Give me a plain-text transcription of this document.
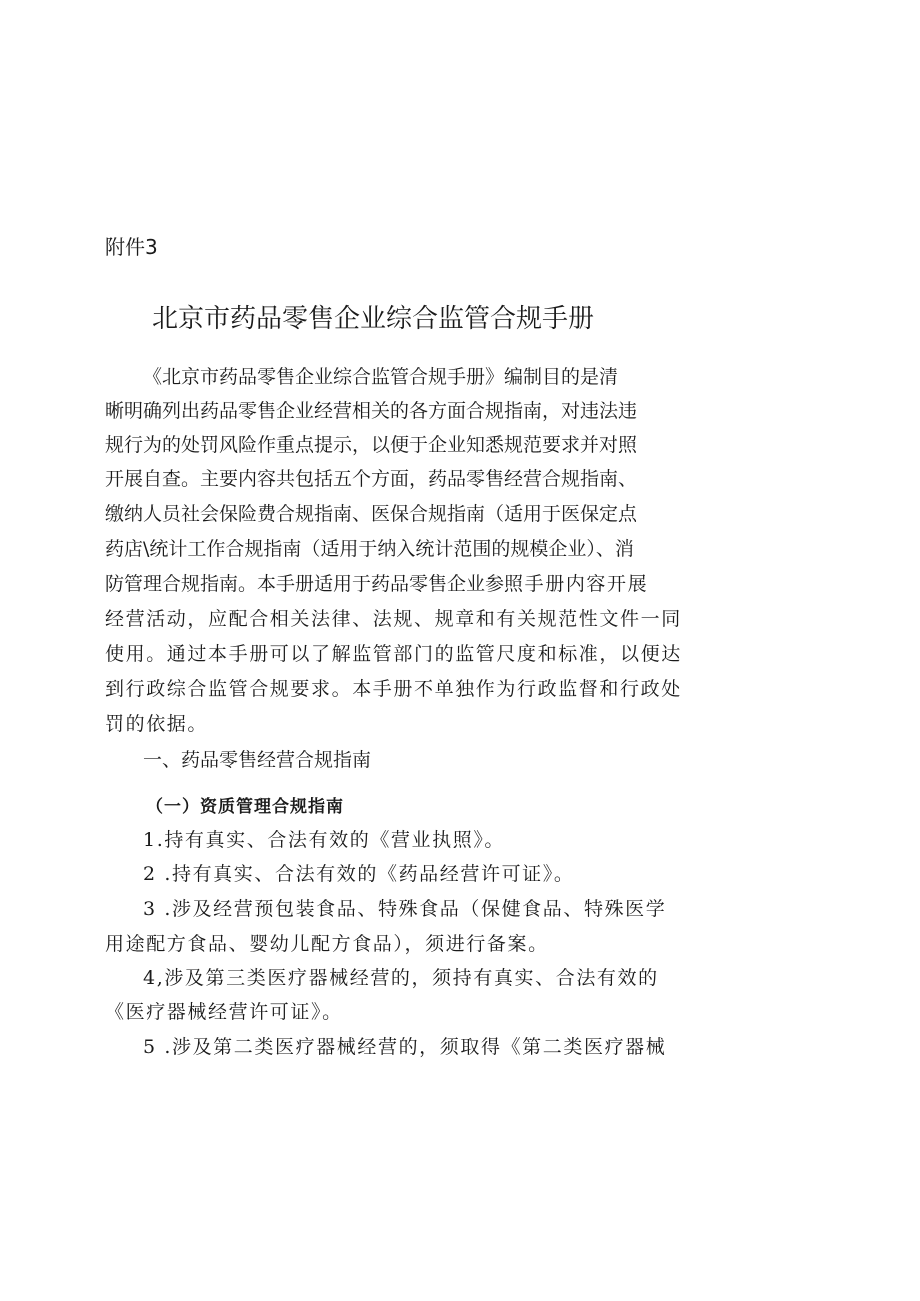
附件3
北京市药品零售企业综合监管合规手册
《北京市药品零售企业综合监管合规手册》编制目的是清
晰明确列出药品零售企业经营相关的各方面合规指南，对违法违
规行为的处罚风险作重点提示，以便于企业知悉规范要求并对照
开展自查。主要内容共包括五个方面，药品零售经营合规指南、
缴纳人员社会保险费合规指南、医保合规指南（适用于医保定点
药店\统计工作合规指南（适用于纳入统计范围的规模企业）、消
防管理合规指南。本手册适用于药品零售企业参照手册内容开展
经营活动，应配合相关法律、法规、规章和有关规范性文件一同
使用。通过本手册可以了解监管部门的监管尺度和标准，以便达
到行政综合监管合规要求。本手册不单独作为行政监督和行政处
罚的依据。
一、药品零售经营合规指南
（一）资质管理合规指南
1.持有真实、合法有效的《营业执照》。
2 .持有真实、合法有效的《药品经营许可证》。
3 .涉及经营预包装食品、特殊食品（保健食品、特殊医学
用途配方食品、婴幼儿配方食品），须进行备案。
4,涉及第三类医疗器械经营的，须持有真实、合法有效的
《医疗器械经营许可证》。
5 .涉及第二类医疗器械经营的，须取得《第二类医疗器械
